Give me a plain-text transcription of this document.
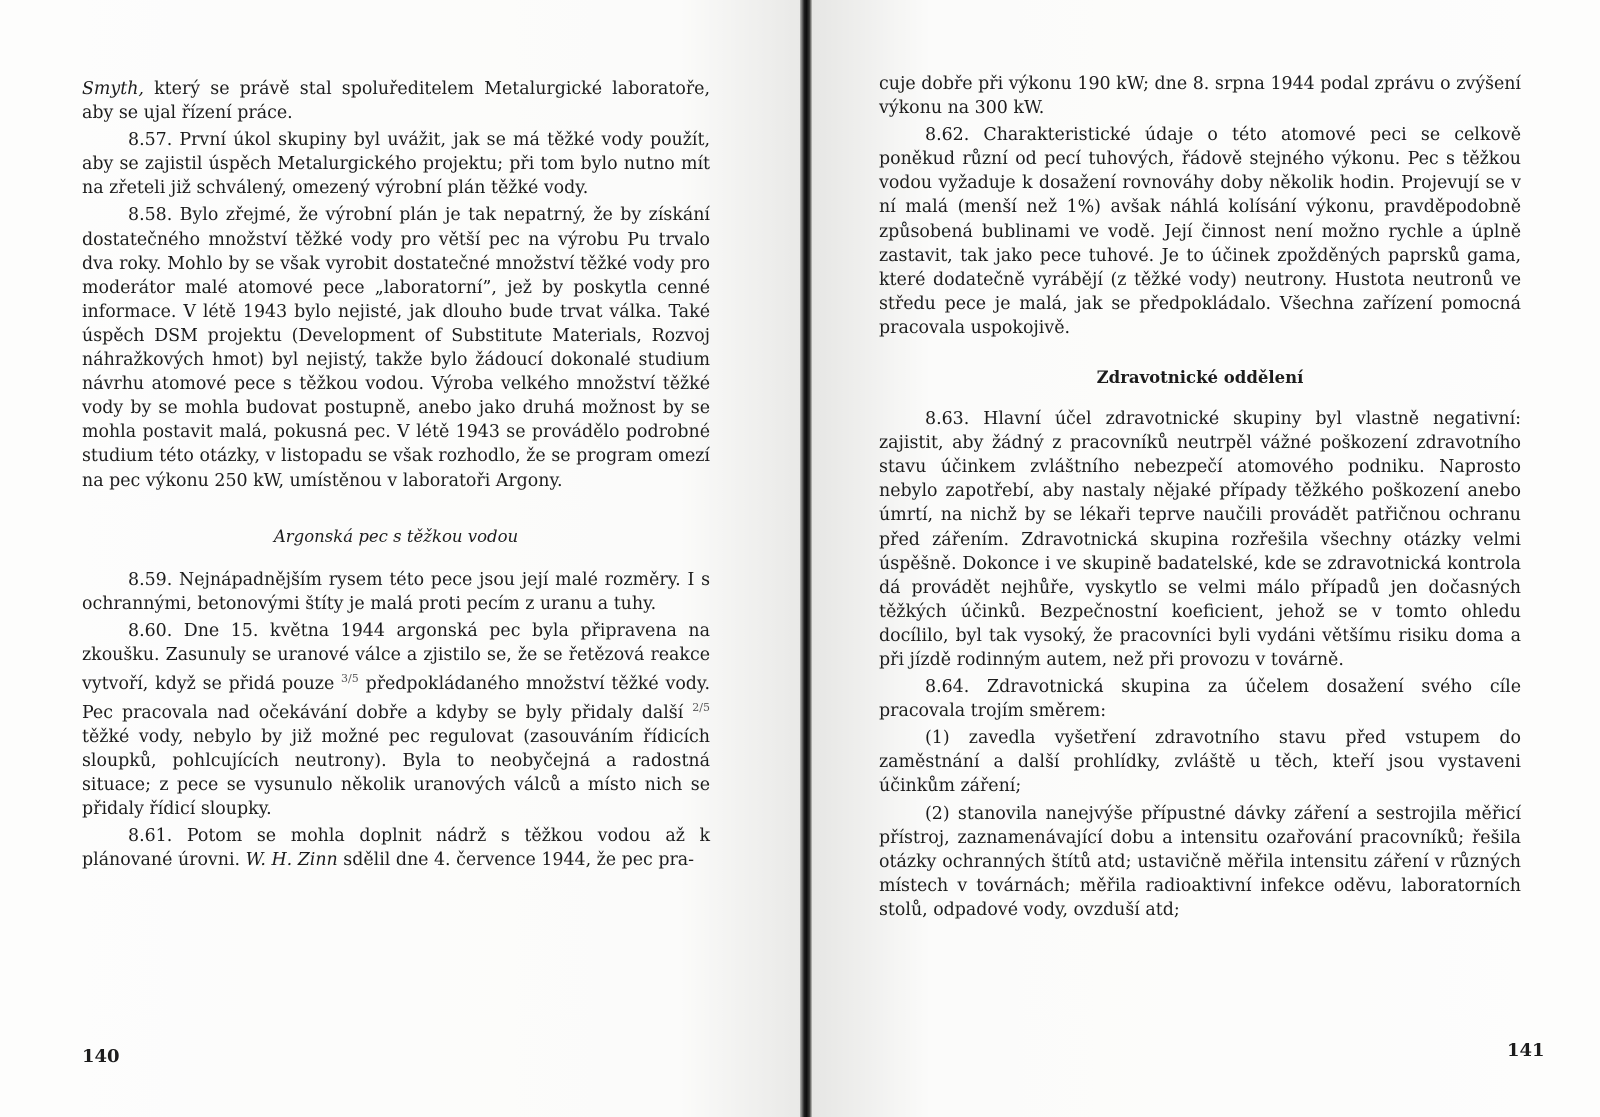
Smyth, který se právě stal spoluředitelem Metalurgické laboratoře, aby se ujal řízení práce.

8.57. První úkol skupiny byl uvážit, jak se má těžké vody použít, aby se zajistil úspěch Metalurgického projektu; při tom bylo nutno mít na zřeteli již schválený, omezený výrobní plán těžké vody.

8.58. Bylo zřejmé, že výrobní plán je tak nepatrný, že by získání dostatečného množství těžké vody pro větší pec na výrobu Pu trvalo dva roky. Mohlo by se však vyrobit dostatečné množství těžké vody pro moderátor malé atomové pece „laboratorní”, jež by poskytla cenné informace. V létě 1943 bylo nejisté, jak dlouho bude trvat válka. Také úspěch DSM projektu (Development of Substitute Materials, Rozvoj náhražkových hmot) byl nejistý, takže bylo žádoucí dokonalé studium návrhu atomové pece s těžkou vodou. Výroba velkého množství těžké vody by se mohla budovat postupně, anebo jako druhá možnost by se mohla postavit malá, pokusná pec. V létě 1943 se provádělo podrobné studium této otázky, v listopadu se však rozhodlo, že se program omezí na pec výkonu 250 kW, umístěnou v laboratoři Argony.

Argonská pec s těžkou vodou

8.59. Nejnápadnějším rysem této pece jsou její malé rozměry. I s ochrannými, betonovými štíty je malá proti pecím z uranu a tuhy.

8.60. Dne 15. května 1944 argonská pec byla připravena na zkoušku. Zasunuly se uranové válce a zjistilo se, že se řetězová reakce vytvoří, když se přidá pouze $^{3/5}$ předpokládaného množství těžké vody. Pec pracovala nad očekávání dobře a kdyby se byly přidaly další $^{2/5}$ těžké vody, nebylo by již možné pec regulovat (zasouváním řídicích sloupků, pohlcujících neutrony). Byla to neobyčejná a radostná situace; z pece se vysunulo několik uranových válců a místo nich se přidaly řídicí sloupky.

8.61. Potom se mohla doplnit nádrž s těžkou vodou až k plánované úrovni. W. H. Zinn sdělil dne 4. července 1944, že pec pra-

140

cuje dobře při výkonu 190 kW; dne 8. srpna 1944 podal zprávu o zvýšení výkonu na 300 kW.

8.62. Charakteristické údaje o této atomové peci se celkově poněkud různí od pecí tuhových, řádově stejného výkonu. Pec s těžkou vodou vyžaduje k dosažení rovnováhy doby několik hodin. Projevují se v ní malá (menší než 1%) avšak náhlá kolísání výkonu, pravděpodobně způsobená bublinami ve vodě. Její činnost není možno rychle a úplně zastavit, tak jako pece tuhové. Je to účinek zpožděných paprsků gama, které dodatečně vyrábějí (z těžké vody) neutrony. Hustota neutronů ve středu pece je malá, jak se předpokládalo. Všechna zařízení pomocná pracovala uspokojivě.

Zdravotnické oddělení

8.63. Hlavní účel zdravotnické skupiny byl vlastně negativní: zajistit, aby žádný z pracovníků neutrpěl vážné poškození zdravotního stavu účinkem zvláštního nebezpečí atomového podniku. Naprosto nebylo zapotřebí, aby nastaly nějaké případy těžkého poškození anebo úmrtí, na nichž by se lékaři teprve naučili provádět patřičnou ochranu před zářením. Zdravotnická skupina rozřešila všechny otázky velmi úspěšně. Dokonce i ve skupině badatelské, kde se zdravotnická kontrola dá provádět nejhůře, vyskytlo se velmi málo případů jen dočasných těžkých účinků. Bezpečnostní koeficient, jehož se v tomto ohledu docílilo, byl tak vysoký, že pracovníci byli vydáni většímu risiku doma a při jízdě rodinným autem, než při provozu v továrně.

8.64. Zdravotnická skupina za účelem dosažení svého cíle pracovala trojím směrem:

(1) zavedla vyšetření zdravotního stavu před vstupem do zaměstnání a další prohlídky, zvláště u těch, kteří jsou vystaveni účinkům záření;

(2) stanovila nanejvýše přípustné dávky záření a sestrojila měřicí přístroj, zaznamenávající dobu a intensitu ozařování pracovníků; řešila otázky ochranných štítů atd; ustavičně měřila intensitu záření v různých místech v továrnách; měřila radioaktivní infekce oděvu, laboratorních stolů, odpadové vody, ovzduší atd;

141
